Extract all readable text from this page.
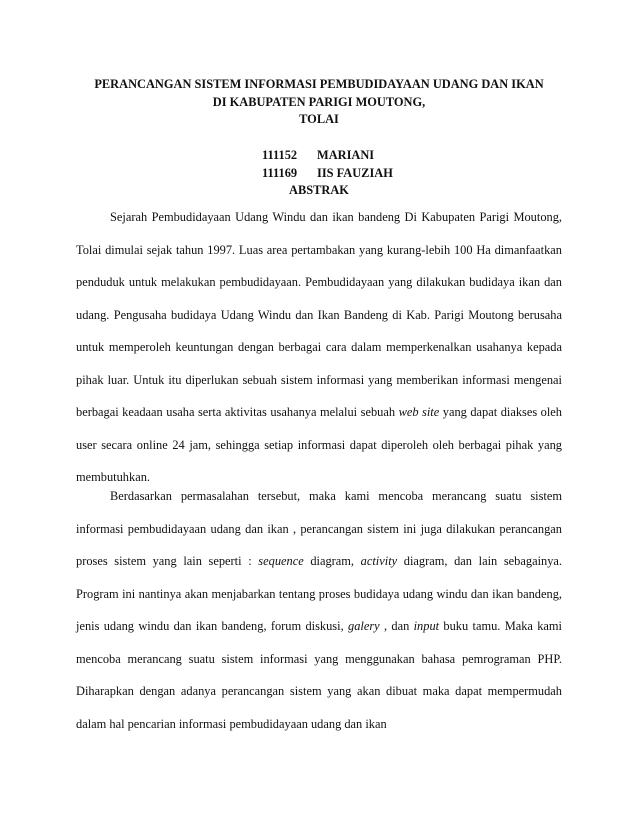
PERANCANGAN SISTEM INFORMASI PEMBUDIDAYAAN UDANG DAN IKAN
DI KABUPATEN PARIGI MOUTONG,
TOLAI
111152 MARIANI
111169 IIS FAUZIAH
ABSTRAK
Sejarah Pembudidayaan Udang Windu dan ikan bandeng Di Kabupaten Parigi Moutong,
Tolai dimulai sejak tahun 1997. Luas area pertambakan yang kurang-lebih 100 Ha dimanfaatkan
penduduk untuk melakukan pembudidayaan. Pembudidayaan yang dilakukan budidaya ikan dan
udang. Pengusaha budidaya Udang Windu dan Ikan Bandeng di Kab. Parigi Moutong berusaha
untuk memperoleh keuntungan dengan berbagai cara dalam memperkenalkan usahanya kepada
pihak luar. Untuk itu diperlukan sebuah sistem informasi yang memberikan informasi mengenai
berbagai keadaan usaha serta aktivitas usahanya melalui sebuah web site yang dapat diakses oleh
user secara online 24 jam, sehingga setiap informasi dapat diperoleh oleh berbagai pihak yang
membutuhkan.
Berdasarkan permasalahan tersebut, maka kami mencoba merancang suatu sistem
informasi pembudidayaan udang dan ikan , perancangan sistem ini juga dilakukan perancangan
proses sistem yang lain seperti : sequence diagram, activity diagram, dan lain sebagainya.
Program ini nantinya akan menjabarkan tentang proses budidaya udang windu dan ikan bandeng,
jenis udang windu dan ikan bandeng, forum diskusi, galery , dan input buku tamu. Maka kami
mencoba merancang suatu sistem informasi yang menggunakan bahasa pemrograman PHP.
Diharapkan dengan adanya perancangan sistem yang akan dibuat maka dapat mempermudah
dalam hal pencarian informasi pembudidayaan udang dan ikan
